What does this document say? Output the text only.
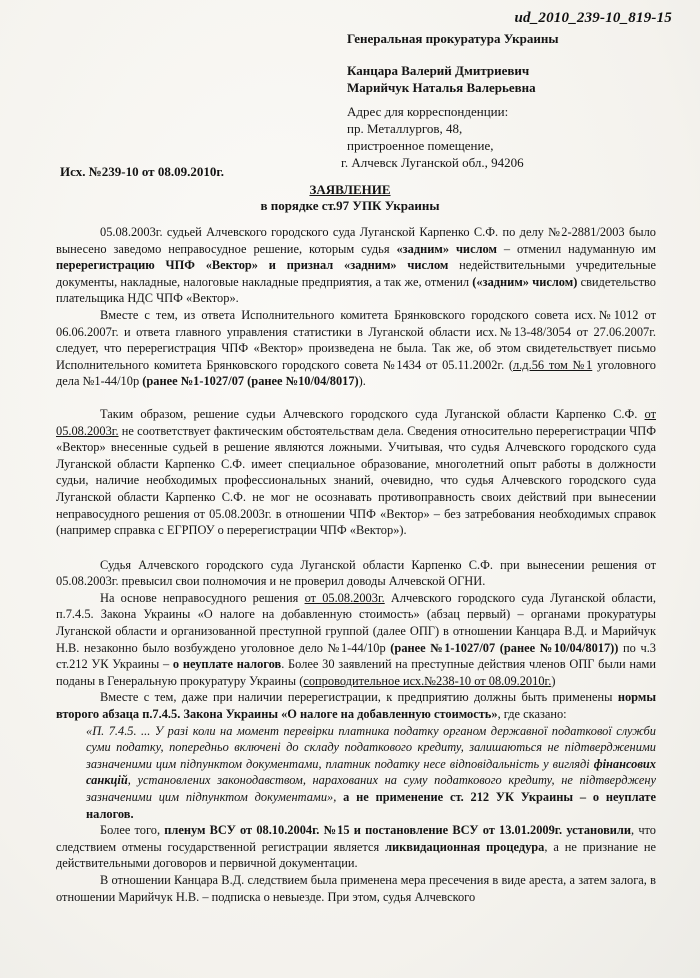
ud_2010_239-10_819-15
Генеральная прокуратура Украины
Канцара Валерий Дмитриевич
Марийчук Наталья Валерьевна
Адрес для корреспонденции:
пр. Металлургов, 48,
пристроенное помещение,
г. Алчевск Луганской обл., 94206
Исх. №239-10 от 08.09.2010г.
ЗАЯВЛЕНИЕ
в порядке ст.97 УПК Украины

05.08.2003г. судьей Алчевского городского суда Луганской Карпенко С.Ф. по делу №2-2881/2003 было вынесено заведомо неправосудное решение, которым судья «задним» числом – отменил надуманную им перерегистрацию ЧПФ «Вектор» и признал «задним» числом недействительными учредительные документы, накладные, налоговые накладные предприятия, а так же, отменил («задним» числом) свидетельство плательщика НДС ЧПФ «Вектор».

Вместе с тем, из ответа Исполнительного комитета Брянковского городского совета исх.№1012 от 06.06.2007г. и ответа главного управления статистики в Луганской области исх.№13-48/3054 от 27.06.2007г. следует, что перерегистрация ЧПФ «Вектор» произведена не была. Так же, об этом свидетельствует письмо Исполнительного комитета Брянковского городского совета №1434 от 05.11.2002г. (л.д.56 том №1 уголовного дела №1-44/10р (ранее №1-1027/07 (ранее №10/04/8017)).

Таким образом, решение судьи Алчевского городского суда Луганской области Карпенко С.Ф. от 05.08.2003г. не соответствует фактическим обстоятельствам дела. Сведения относительно перерегистрации ЧПФ «Вектор» внесенные судьей в решение являются ложными. Учитывая, что судья Алчевского городского суда Луганской области Карпенко С.Ф. имеет специальное образование, многолетний опыт работы в должности судьи, наличие необходимых профессиональных знаний, очевидно, что судья Алчевского городского суда Луганской области Карпенко С.Ф. не мог не осознавать противоправность своих действий при вынесении неправосудного решения от 05.08.2003г. в отношении ЧПФ «Вектор» – без затребования необходимых справок (например справка с ЕГРПОУ о перерегистрации ЧПФ «Вектор»).

Судья Алчевского городского суда Луганской области Карпенко С.Ф. при вынесении решения от 05.08.2003г. превысил свои полномочия и не проверил доводы Алчевской ОГНИ.

На основе неправосудного решения от 05.08.2003г. Алчевского городского суда Луганской области, п.7.4.5. Закона Украины «О налоге на добавленную стоимость» (абзац первый) – органами прокуратуры Луганской области и организованной преступной группой (далее ОПГ) в отношении Канцара В.Д. и Марийчук Н.В. незаконно было возбуждено уголовное дело №1-44/10р (ранее №1-1027/07 (ранее №10/04/8017)) по ч.3 ст.212 УК Украины – о неуплате налогов. Более 30 заявлений на преступные действия членов ОПГ были нами поданы в Генеральную прокуратуру Украины (сопроводительное исх.№238-10 от 08.09.2010г.)

Вместе с тем, даже при наличии перерегистрации, к предприятию должны быть применены нормы второго абзаца п.7.4.5. Закона Украины «О налоге на добавленную стоимость», где сказано:

«П. 7.4.5. ... У разі коли на момент перевірки платника податку органом державної податкової служби суми податку, попередньо включені до складу податкового кредиту, залишаються не підтвердженими зазначеними цим підпунктом документами, платник податку несе відповідальність у вигляді фінансових санкцій, установлених законодавством, нарахованих на суму податкового кредиту, не підтверджену зазначеними цим підпунктом документами», а не применение ст. 212 УК Украины – о неуплате налогов.

Более того, пленум ВСУ от 08.10.2004г. №15 и постановление ВСУ от 13.01.2009г. установили, что следствием отмены государственной регистрации является ликвидационная процедура, а не признание не действительными договоров и первичной документации.

В отношении Канцара В.Д. следствием была применена мера пресечения в виде ареста, а затем залога, в отношении Марийчук Н.В. – подписка о невыезде. При этом, судья Алчевского
